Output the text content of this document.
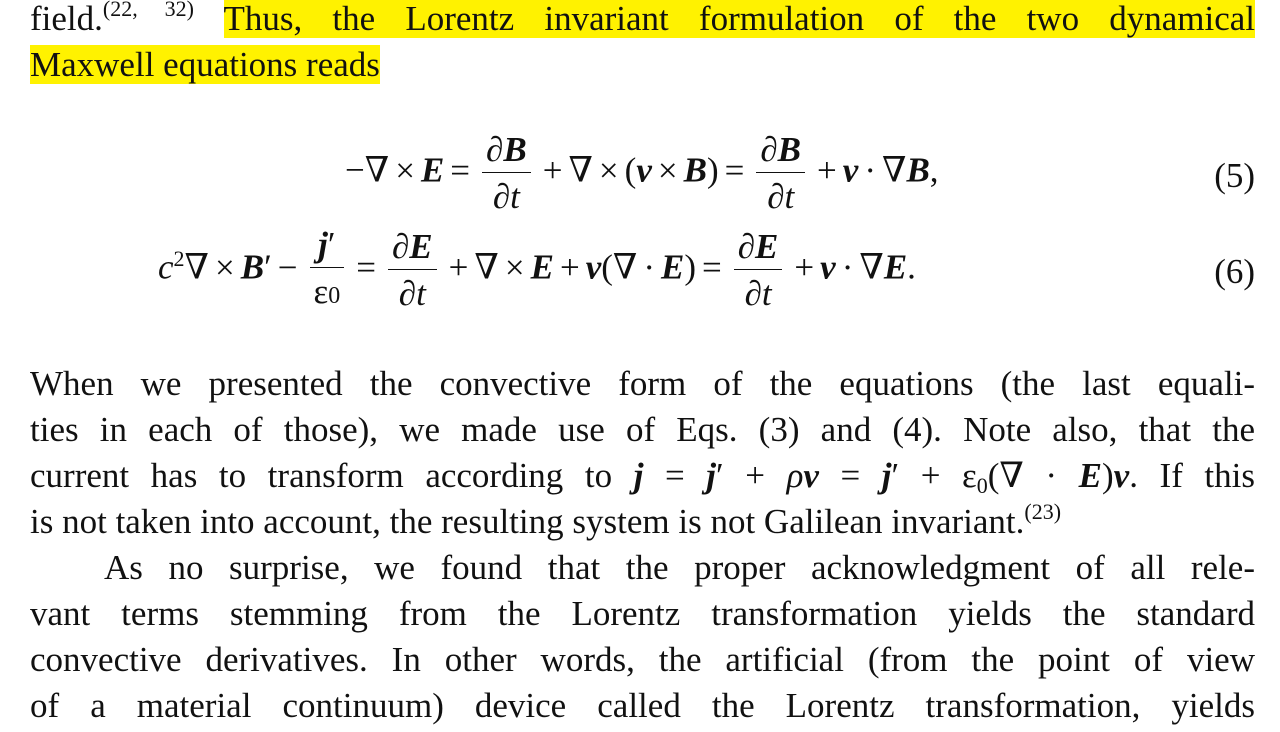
field.$^{(22, 32)}$ Thus, the Lorentz invariant formulation of the two dynamical
Maxwell equations reads
−∇ × $E = \frac{\partial B}{\partial t}$ + ∇ × $(v \times B) = \frac{\partial B}{\partial t} + v \cdot \nabla B$,	(5)
$c^2\nabla \times B' - \frac{j'}{\varepsilon 0} = \frac{\partial E}{\partial t}$ + ∇ × $E + v(\nabla \cdot E) = \frac{\partial E}{\partial t} + v \cdot \nabla E$.	(6)
When we presented the convective form of the equations (the last equali-
ties in each of those), we made use of Eqs. (3) and (4). Note also, that the
current has to transform according to $j = j' + \rho v = j' + \varepsilon_0(\nabla \cdot E)v$. If this
is not taken into account, the resulting system is not Galilean invariant.$^{(23)}$
As no surprise, we found that the proper acknowledgment of all rele-
vant terms stemming from the Lorentz transformation yields the standard
convective derivatives. In other words, the artificial (from the point of view
of a material continuum) device called the Lorentz transformation, yields
